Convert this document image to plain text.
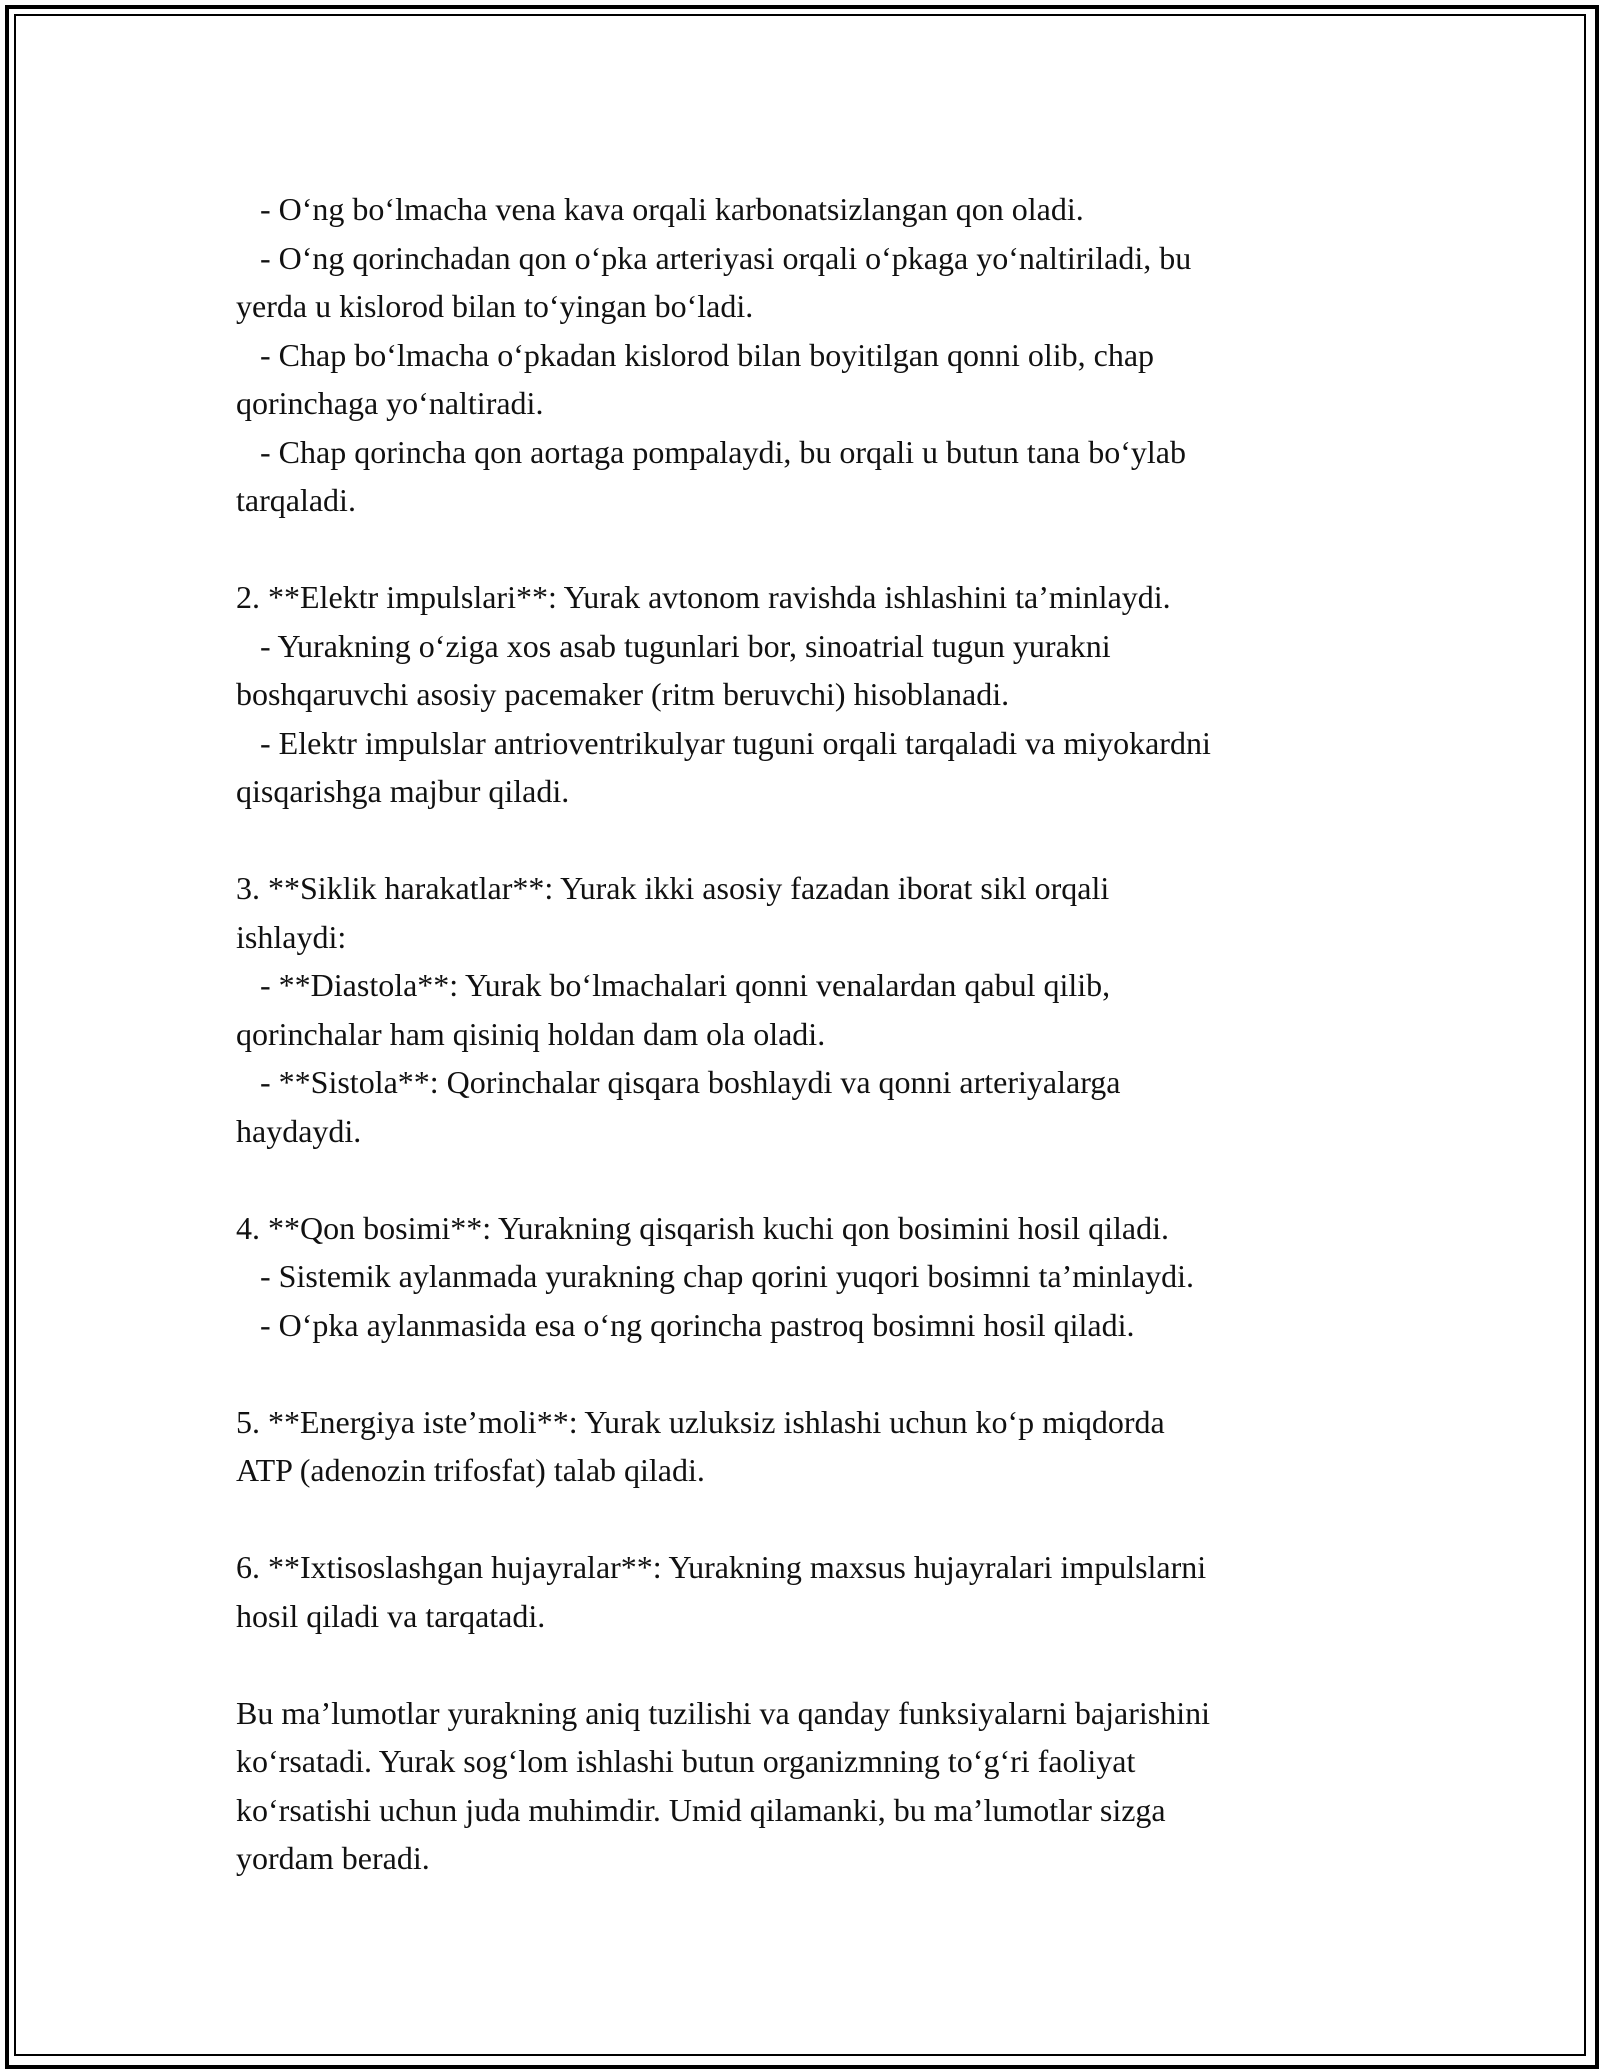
- O‘ng bo‘lmacha vena kava orqali karbonatsizlangan qon oladi.
- O‘ng qorinchadan qon o‘pka arteriyasi orqali o‘pkaga yo‘naltiriladi, bu
yerda u kislorod bilan to‘yingan bo‘ladi.
- Chap bo‘lmacha o‘pkadan kislorod bilan boyitilgan qonni olib, chap
qorinchaga yo‘naltiradi.
- Chap qorincha qon aortaga pompalaydi, bu orqali u butun tana bo‘ylab
tarqaladi.
2. **Elektr impulslari**: Yurak avtonom ravishda ishlashini ta’minlaydi.
- Yurakning o‘ziga xos asab tugunlari bor, sinoatrial tugun yurakni
boshqaruvchi asosiy pacemaker (ritm beruvchi) hisoblanadi.
- Elektr impulslar antrioventrikulyar tuguni orqali tarqaladi va miyokardni
qisqarishga majbur qiladi.
3. **Siklik harakatlar**: Yurak ikki asosiy fazadan iborat sikl orqali
ishlaydi:
- **Diastola**: Yurak bo‘lmachalari qonni venalardan qabul qilib,
qorinchalar ham qisiniq holdan dam ola oladi.
- **Sistola**: Qorinchalar qisqara boshlaydi va qonni arteriyalarga
haydaydi.
4. **Qon bosimi**: Yurakning qisqarish kuchi qon bosimini hosil qiladi.
- Sistemik aylanmada yurakning chap qorini yuqori bosimni ta’minlaydi.
- O‘pka aylanmasida esa o‘ng qorincha pastroq bosimni hosil qiladi.
5. **Energiya iste’moli**: Yurak uzluksiz ishlashi uchun ko‘p miqdorda
ATP (adenozin trifosfat) talab qiladi.
6. **Ixtisoslashgan hujayralar**: Yurakning maxsus hujayralari impulslarni
hosil qiladi va tarqatadi.
Bu ma’lumotlar yurakning aniq tuzilishi va qanday funksiyalarni bajarishini
ko‘rsatadi. Yurak sog‘lom ishlashi butun organizmning to‘g‘ri faoliyat
ko‘rsatishi uchun juda muhimdir. Umid qilamanki, bu ma’lumotlar sizga
yordam beradi.
